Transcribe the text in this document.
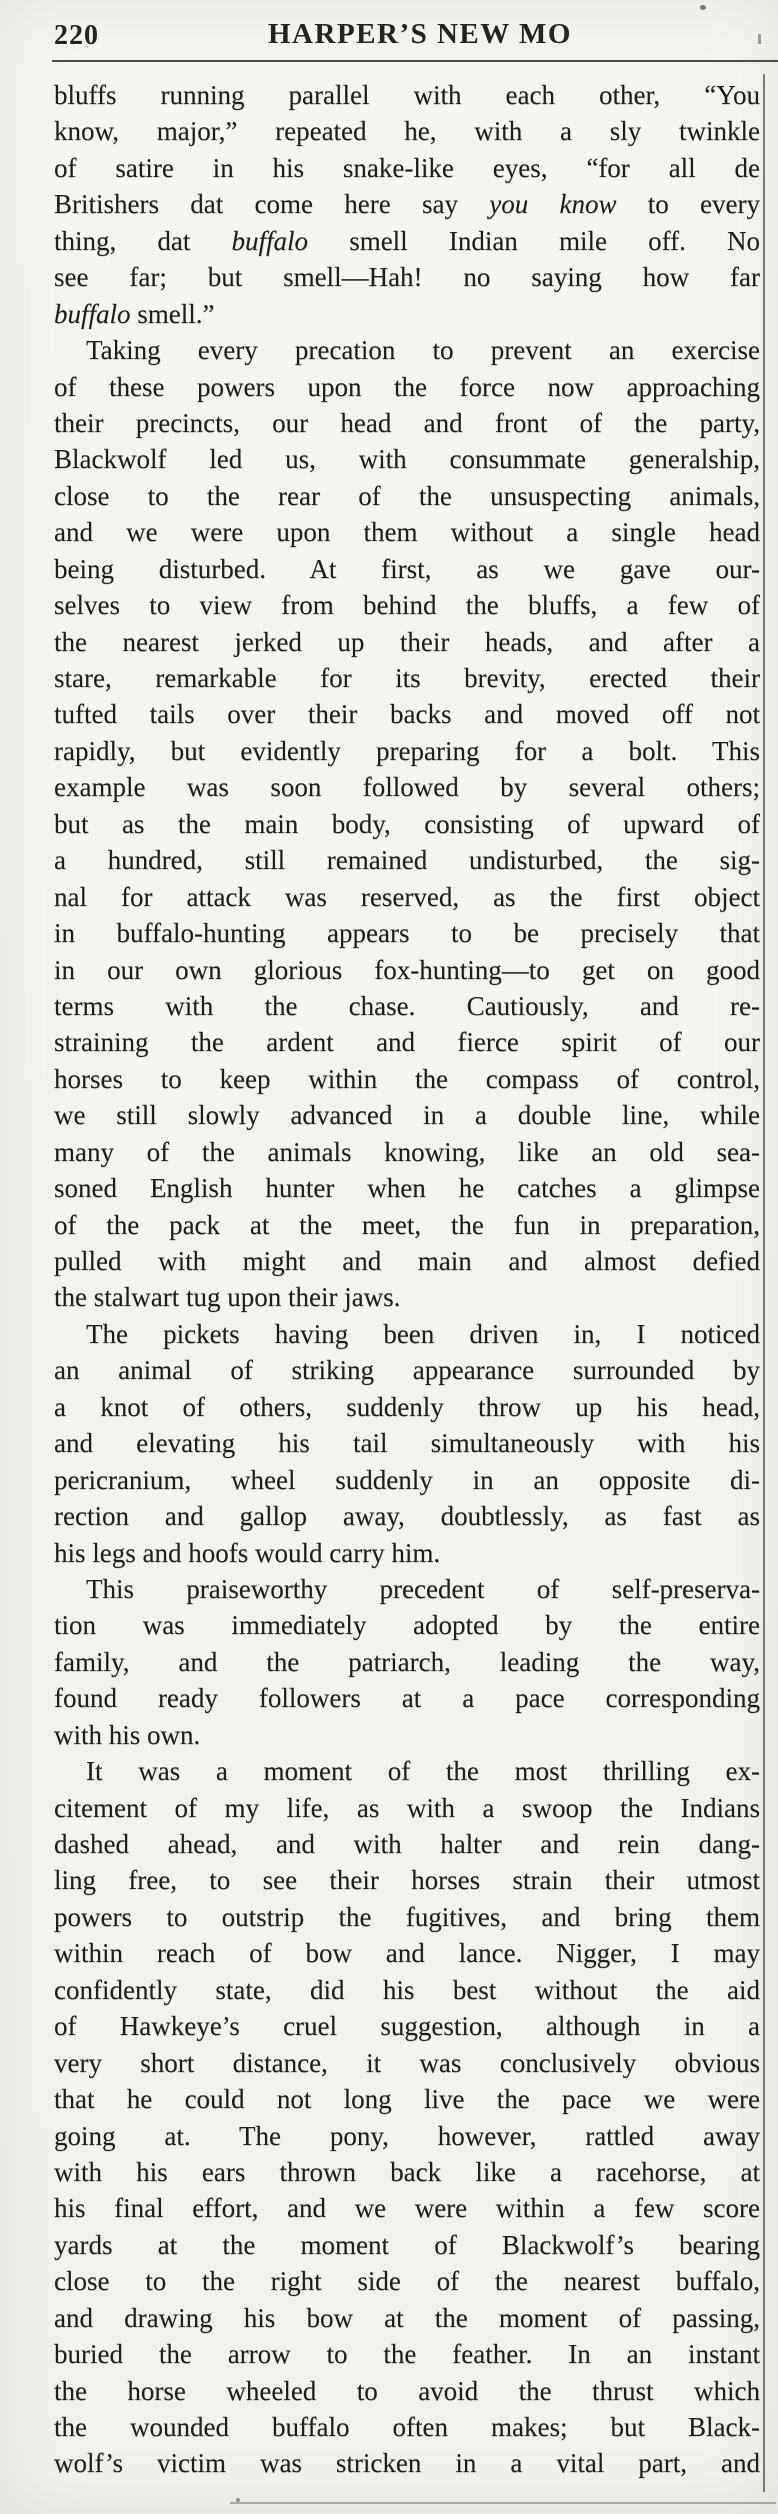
220	HARPER’S NEW MO
bluffs running parallel with each other, “You
know, major,” repeated he, with a sly twinkle
of satire in his snake-like eyes, “for all de
Britishers dat come here say you know to every
thing, dat buffalo smell Indian mile off. No
see far; but smell—Hah! no saying how far
buffalo smell.”
Taking every precation to prevent an exercise
of these powers upon the force now approaching
their precincts, our head and front of the party,
Blackwolf led us, with consummate generalship,
close to the rear of the unsuspecting animals,
and we were upon them without a single head
being disturbed. At first, as we gave our-
selves to view from behind the bluffs, a few of
the nearest jerked up their heads, and after a
stare, remarkable for its brevity, erected their
tufted tails over their backs and moved off not
rapidly, but evidently preparing for a bolt. This
example was soon followed by several others;
but as the main body, consisting of upward of
a hundred, still remained undisturbed, the sig-
nal for attack was reserved, as the first object
in buffalo-hunting appears to be precisely that
in our own glorious fox-hunting—to get on good
terms with the chase. Cautiously, and re-
straining the ardent and fierce spirit of our
horses to keep within the compass of control,
we still slowly advanced in a double line, while
many of the animals knowing, like an old sea-
soned English hunter when he catches a glimpse
of the pack at the meet, the fun in preparation,
pulled with might and main and almost defied
the stalwart tug upon their jaws.
The pickets having been driven in, I noticed
an animal of striking appearance surrounded by
a knot of others, suddenly throw up his head,
and elevating his tail simultaneously with his
pericranium, wheel suddenly in an opposite di-
rection and gallop away, doubtlessly, as fast as
his legs and hoofs would carry him.
This praiseworthy precedent of self-preserva-
tion was immediately adopted by the entire
family, and the patriarch, leading the way,
found ready followers at a pace corresponding
with his own.
It was a moment of the most thrilling ex-
citement of my life, as with a swoop the Indians
dashed ahead, and with halter and rein dang-
ling free, to see their horses strain their utmost
powers to outstrip the fugitives, and bring them
within reach of bow and lance. Nigger, I may
confidently state, did his best without the aid
of Hawkeye’s cruel suggestion, although in a
very short distance, it was conclusively obvious
that he could not long live the pace we were
going at. The pony, however, rattled away
with his ears thrown back like a racehorse, at
his final effort, and we were within a few score
yards at the moment of Blackwolf’s bearing
close to the right side of the nearest buffalo,
and drawing his bow at the moment of passing,
buried the arrow to the feather. In an instant
the horse wheeled to avoid the thrust which
the wounded buffalo often makes; but Black-
wolf’s victim was stricken in a vital part, and
